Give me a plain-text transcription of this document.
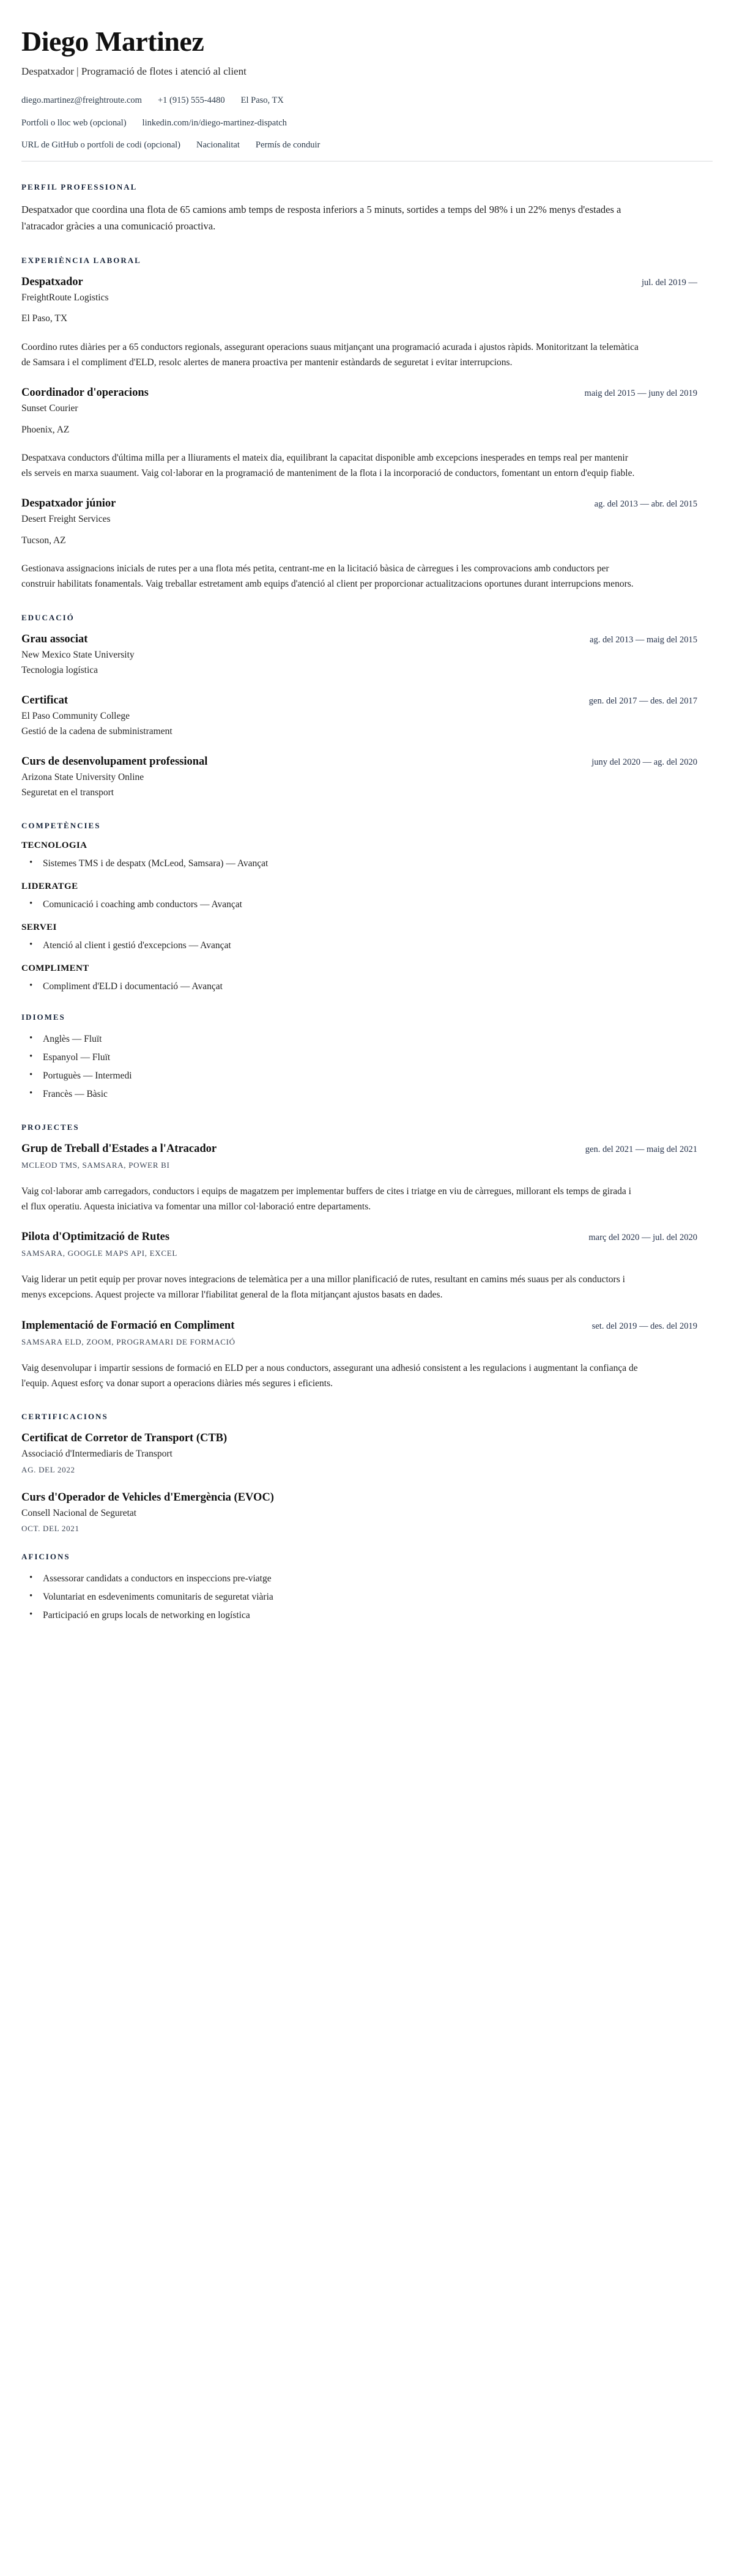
Diego Martinez
Despatxador | Programació de flotes i atenció al client
diego.martinez@freightroute.com +1 (915) 555-4480 El Paso, TX
Portfoli o lloc web (opcional) linkedin.com/in/diego-martinez-dispatch
URL de GitHub o portfoli de codi (opcional) Nacionalitat Permís de conduir
PERFIL PROFESSIONAL

Despatxador que coordina una flota de 65 camions amb temps de resposta inferiors a 5 minuts, sortides a temps del 98% i un 22% menys d'estades a l'atracador gràcies a una comunicació proactiva.

EXPERIÈNCIA LABORAL
Despatxador	jul. del 2019 —
FreightRoute Logistics
El Paso, TX
Coordino rutes diàries per a 65 conductors regionals, assegurant operacions suaus mitjançant una programació acurada i ajustos ràpids. Monitoritzant la telemàtica de Samsara i el compliment d'ELD, resolc alertes de manera proactiva per mantenir estàndards de seguretat i evitar interrupcions.
Coordinador d'operacions	maig del 2015 — juny del 2019
Sunset Courier
Phoenix, AZ
Despatxava conductors d'última milla per a lliuraments el mateix dia, equilibrant la capacitat disponible amb excepcions inesperades en temps real per mantenir els serveis en marxa suaument. Vaig col·laborar en la programació de manteniment de la flota i la incorporació de conductors, fomentant un entorn d'equip fiable.
Despatxador júnior	ag. del 2013 — abr. del 2015
Desert Freight Services
Tucson, AZ
Gestionava assignacions inicials de rutes per a una flota més petita, centrant-me en la licitació bàsica de càrregues i les comprovacions amb conductors per construir habilitats fonamentals. Vaig treballar estretament amb equips d'atenció al client per proporcionar actualitzacions oportunes durant interrupcions menors.
EDUCACIÓ
Grau associat	ag. del 2013 — maig del 2015
New Mexico State University
Tecnologia logística
Certificat	gen. del 2017 — des. del 2017
El Paso Community College
Gestió de la cadena de subministrament
Curs de desenvolupament professional	juny del 2020 — ag. del 2020
Arizona State University Online
Seguretat en el transport
COMPETÈNCIES
TECNOLOGIA
• Sistemes TMS i de despatx (McLeod, Samsara) — Avançat
LIDERATGE
• Comunicació i coaching amb conductors — Avançat
SERVEI
• Atenció al client i gestió d'excepcions — Avançat
COMPLIMENT
• Compliment d'ELD i documentació — Avançat
IDIOMES
• Anglès — Fluït
• Espanyol — Fluït
• Portuguès — Intermedi
• Francès — Bàsic
PROJECTES
Grup de Treball d'Estades a l'Atracador	gen. del 2021 — maig del 2021
MCLEOD TMS, SAMSARA, POWER BI
Vaig col·laborar amb carregadors, conductors i equips de magatzem per implementar buffers de cites i triatge en viu de càrregues, millorant els temps de girada i el flux operatiu. Aquesta iniciativa va fomentar una millor col·laboració entre departaments.
Pilota d'Optimització de Rutes	març del 2020 — jul. del 2020
SAMSARA, GOOGLE MAPS API, EXCEL
Vaig liderar un petit equip per provar noves integracions de telemàtica per a una millor planificació de rutes, resultant en camins més suaus per als conductors i menys excepcions. Aquest projecte va millorar l'fiabilitat general de la flota mitjançant ajustos basats en dades.
Implementació de Formació en Compliment	set. del 2019 — des. del 2019
SAMSARA ELD, ZOOM, PROGRAMARI DE FORMACIÓ
Vaig desenvolupar i impartir sessions de formació en ELD per a nous conductors, assegurant una adhesió consistent a les regulacions i augmentant la confiança de l'equip. Aquest esforç va donar suport a operacions diàries més segures i eficients.
CERTIFICACIONS
Certificat de Corretor de Transport (CTB)
Associació d'Intermediaris de Transport
AG. DEL 2022
Curs d'Operador de Vehicles d'Emergència (EVOC)
Consell Nacional de Seguretat
OCT. DEL 2021
AFICIONS
• Assessorar candidats a conductors en inspeccions pre-viatge
• Voluntariat en esdeveniments comunitaris de seguretat viària
• Participació en grups locals de networking en logística
